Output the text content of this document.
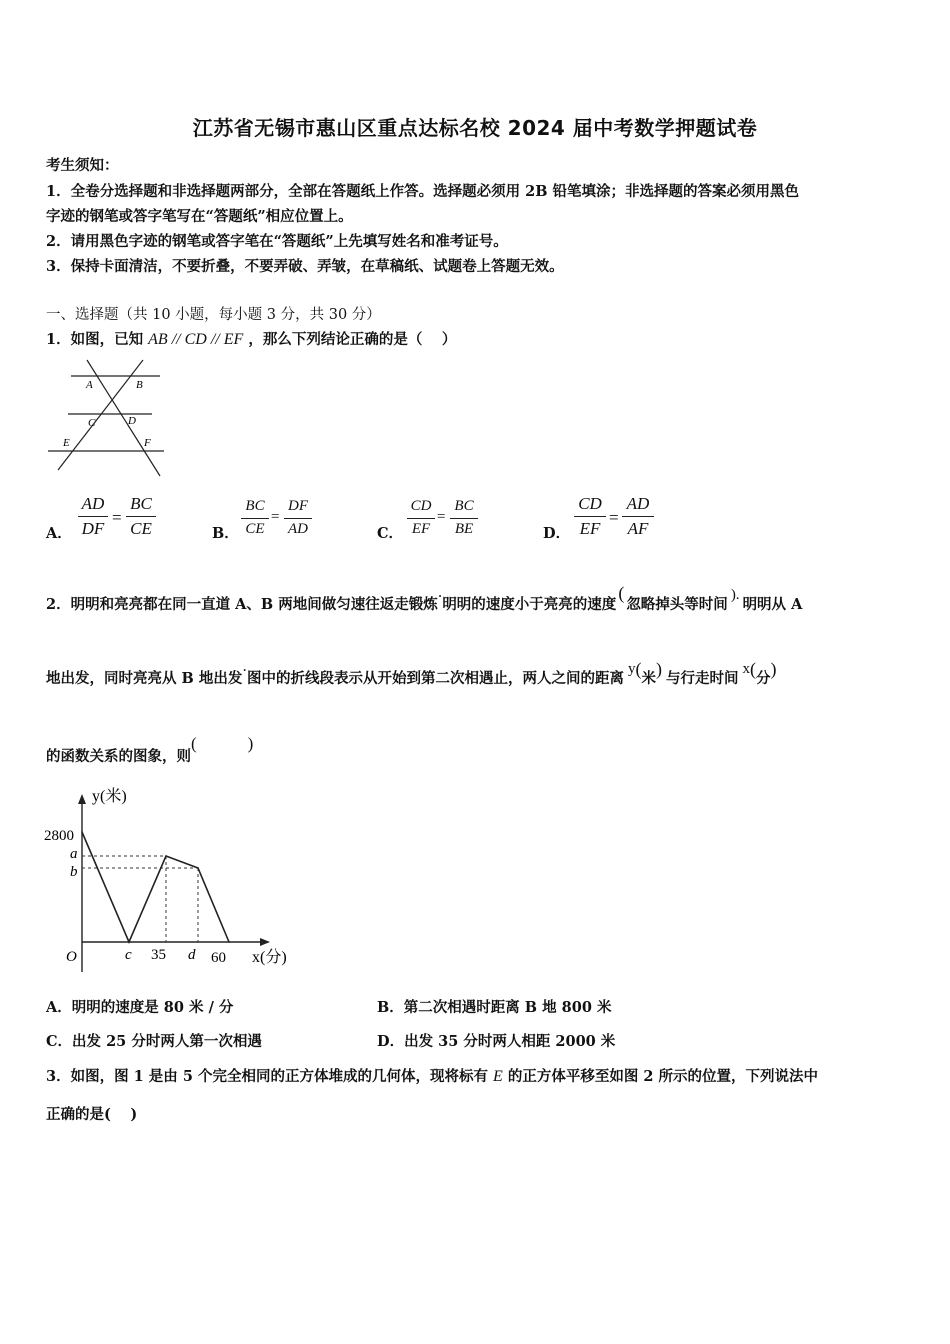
江苏省无锡市惠山区重点达标名校 2024 届中考数学押题试卷
考生须知：
1．全卷分选择题和非选择题两部分，全部在答题纸上作答。选择题必须用 2B 铅笔填涂；非选择题的答案必须用黑色
字迹的钢笔或答字笔写在“答题纸”相应位置上。
2．请用黑色字迹的钢笔或答字笔在“答题纸”上先填写姓名和准考证号。
3．保持卡面清洁，不要折叠，不要弄破、弄皱，在草稿纸、试题卷上答题无效。
一、选择题（共 10 小题，每小题 3 分，共 30 分）
1．如图，已知 AB // CD // EF ，那么下列结论正确的是（　 ）
A	B
C	D
E	F
A．
AD
DF
=
BC
CE	B．
BC
CE
=
DF
AD	C．
CD
EF
=
BC
BE	D．
CD
EF
=
AD
AF
2．明明和亮亮都在同一直道 A、B 两地间做匀速往返走锻炼·明明的速度小于亮亮的速度(忽略掉头等时间).明明从 A
地出发，同时亮亮从 B 地出发·图中的折线段表示从开始到第二次相遇止，两人之间的距离y(米) 与行走时间x(分)
的函数关系的图象，则(　　　)
y(米)
x(分)
O
2800
a
b
c 35 d 60
A．明明的速度是 80 米 / 分	B．第二次相遇时距离 B 地 800 米
C．出发 25 分时两人第一次相遇	D．出发 35 分时两人相距 2000 米
3．如图，图 1 是由 5 个完全相同的正方体堆成的几何体，现将标有 E 的正方体平移至如图 2 所示的位置，下列说法中
正确的是(　 )
